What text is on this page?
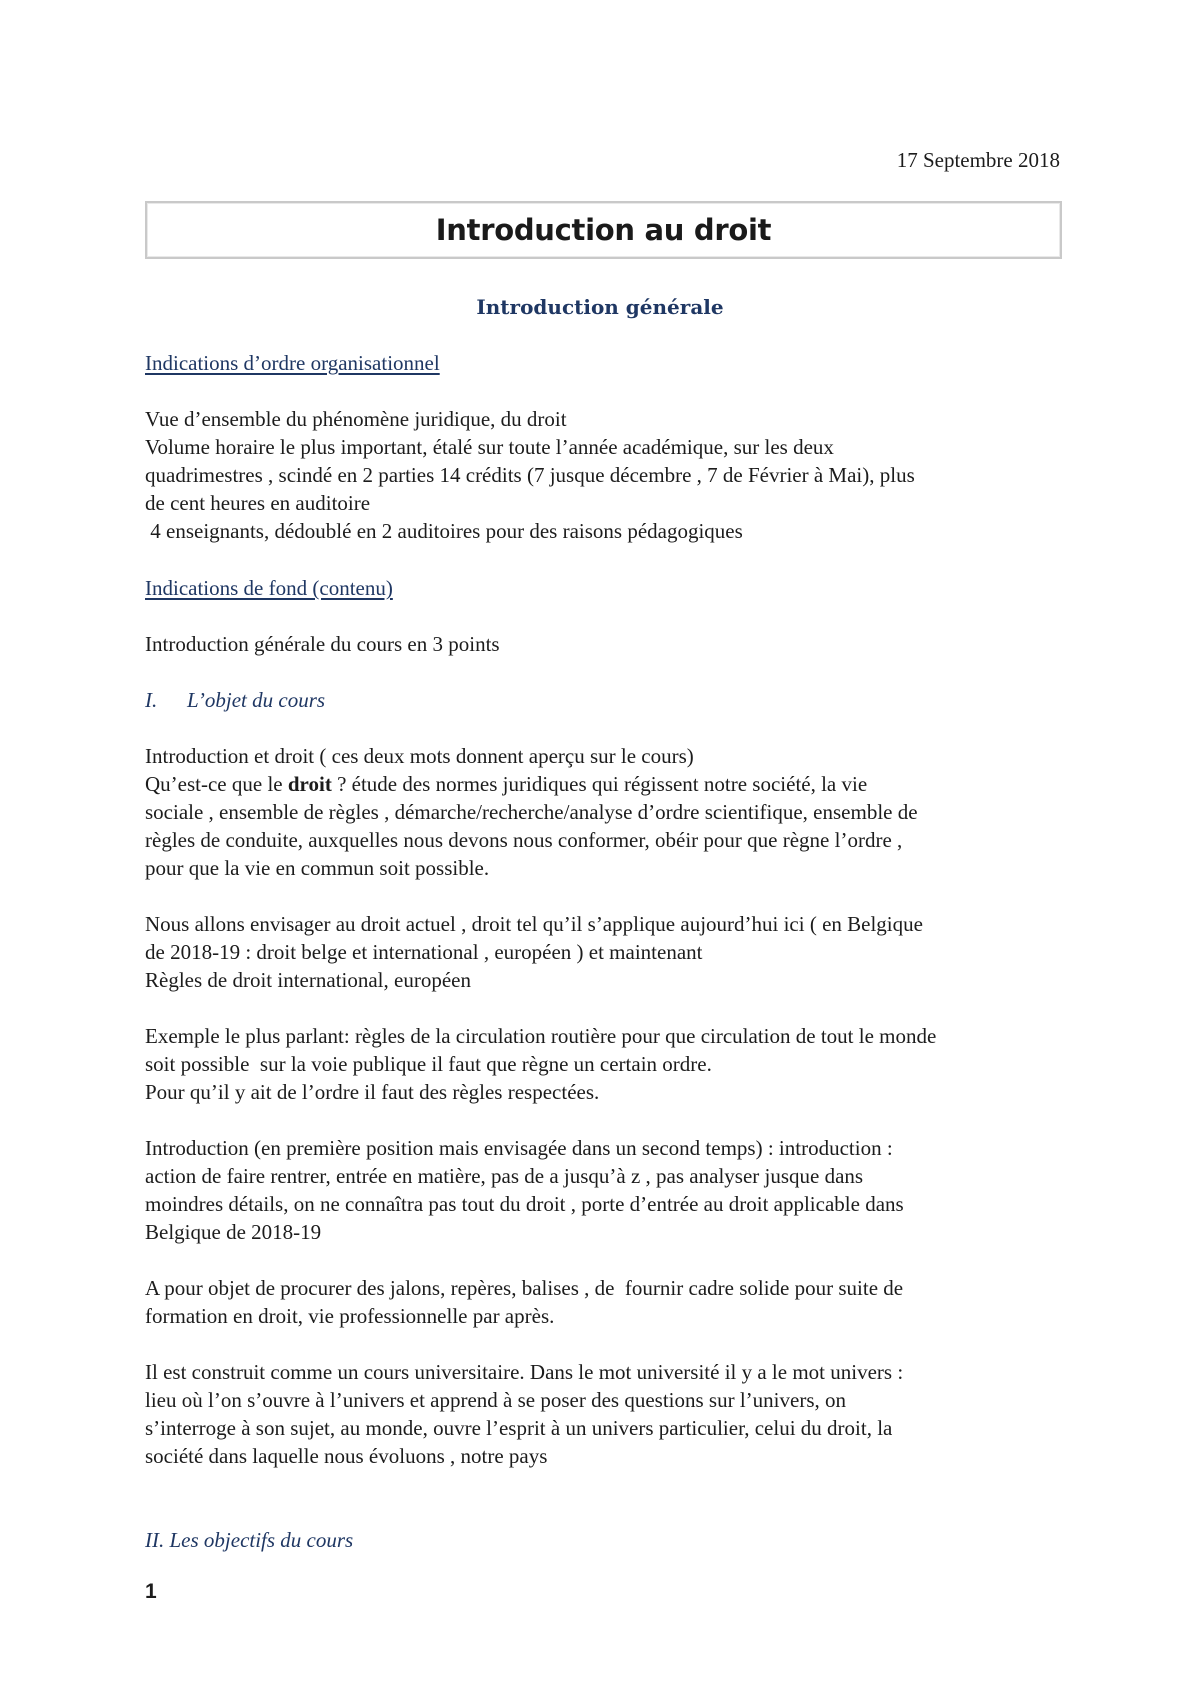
17 Septembre 2018
Introduction au droit
Introduction générale
Indications d’ordre organisationnel

Vue d’ensemble du phénomène juridique, du droit

Volume horaire le plus important, étalé sur toute l’année académique, sur les deux

quadrimestres , scindé en 2 parties 14 crédits (7 jusque décembre , 7 de Février à Mai), plus

de cent heures en auditoire

4 enseignants, dédoublé en 2 auditoires pour des raisons pédagogiques

Indications de fond (contenu)
Introduction générale du cours en 3 points
I. L’objet du cours

Introduction et droit ( ces deux mots donnent aperçu sur le cours)

Qu’est-ce que le droit ? étude des normes juridiques qui régissent notre société, la vie

sociale , ensemble de règles , démarche/recherche/analyse d’ordre scientifique, ensemble de

règles de conduite, auxquelles nous devons nous conformer, obéir pour que règne l’ordre ,

pour que la vie en commun soit possible.

Nous allons envisager au droit actuel , droit tel qu’il s’applique aujourd’hui ici ( en Belgique

de 2018-19 : droit belge et international , européen ) et maintenant

Règles de droit international, européen

Exemple le plus parlant: règles de la circulation routière pour que circulation de tout le monde

soit possible  sur la voie publique il faut que règne un certain ordre.

Pour qu’il y ait de l’ordre il faut des règles respectées.

Introduction (en première position mais envisagée dans un second temps) : introduction :

action de faire rentrer, entrée en matière, pas de a jusqu’à z , pas analyser jusque dans

moindres détails, on ne connaîtra pas tout du droit , porte d’entrée au droit applicable dans

Belgique de 2018-19

A pour objet de procurer des jalons, repères, balises , de  fournir cadre solide pour suite de

formation en droit, vie professionnelle par après.

Il est construit comme un cours universitaire. Dans le mot université il y a le mot univers :

lieu où l’on s’ouvre à l’univers et apprend à se poser des questions sur l’univers, on

s’interroge à son sujet, au monde, ouvre l’esprit à un univers particulier, celui du droit, la

société dans laquelle nous évoluons , notre pays

II. Les objectifs du cours
1
